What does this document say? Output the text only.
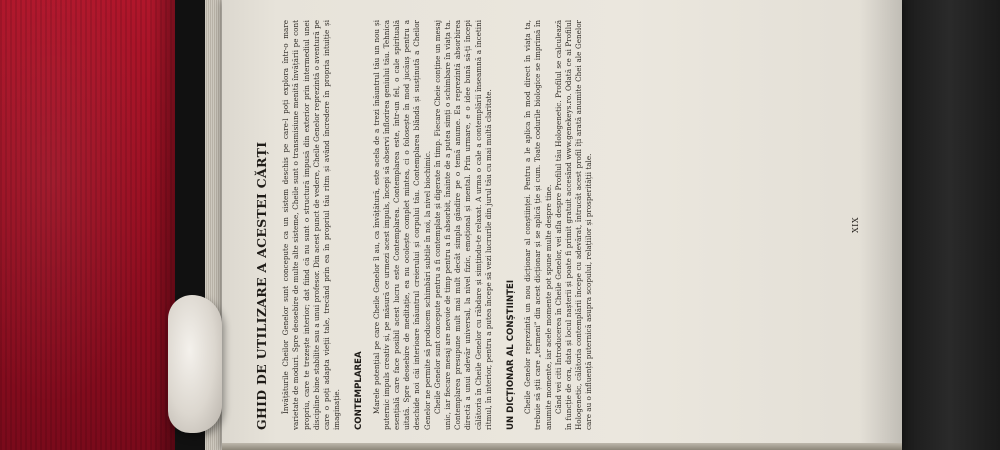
GHID DE UTILIZARE A ACESTEI CĂRȚI Învățăturile Cheilor Genelor sunt concepute ca un sistem deschis pe care-l poți explora într-o mare varietate de moduri. Spre deosebire de multe alte sisteme, Cheile sunt o transmisiune menită învățării pe cont propriu, care te trezește interior; dat fiind că nu sunt o structură impusă din exterior prin intermediul unei discipline bine stabilite sau a unui profesor. Din acest punct de vedere, Cheile Genelor reprezintă o aventură pe care o poți adapta vieții tale, trecând prin ea în propriul tău ritm și având încredere în propria intuiție și imaginație. CONTEMPLAREA Marele potențial pe care Cheile Genelor îl au, ca învățătură, este acela de a trezi înăuntrul tău un nou și puternic impuls creativ și, pe măsură ce urmezi acest impuls, începi să observi înflorirea geniului tău. Tehnica esențială care face posibil acest lucru este Contemplarea. Contemplarea este, într-un fel, o cale spirituală uitată. Spre deosebire de meditație, ea nu ocolește complet mintea, ci o folosește în mod jucăuș pentru a deschide noi căi interioare înăuntrul creierului și corpului tău. Contemplarea blândă și susținută a Cheilor Genelor ne permite să producem schimbări subtile în noi, la nivel biochimic. Cheile Genelor sunt concepute pentru a fi contemplate și digerate în timp. Fiecare Cheie conține un mesaj unic, iar fiecare mesaj are nevoie de timp pentru a fi absorbit, înainte de a putea simți o schimbare în viața ta. Contemplarea presupune mult mai mult decât simpla gândire pe o temă anume. Ea reprezintă absorbirea directă a unui adevăr universal, la nivel fizic, emoțional și mental. Prin urmare, e o idee bună să-ți începi călătoria în Cheile Genelor cu răbdare și simțindu-te relaxat. A urma o cale a contemplării înseamnă a încetini ritmul, în interior, pentru a putea începe să vezi lucrurile din jurul tău cu mai multă claritate. UN DICȚIONAR AL CONȘTIINȚEI Cheile Genelor reprezintă un nou dicționar al conștiinței. Pentru a le aplica în mod direct în viața ta, trebuie să știi care „termeni” din acest dicționar și se aplică ție și cum. Toate codurile biologice se imprimă în anumite momente, iar acele momente pot spune multe despre tine. Când vei citi Introducerea în Cheile Genelor, vei afla despre Profilul tău Hologenetic. Profilul se calculează în funcție de ora, data și locul nașterii și poate fi primit gratuit accesând www.genekeys.ro. Odată ce ai Profilul Hologenetic, călătoria contemplării începe cu adevărat, întrucât acest profil îți arată anumite Chei ale Genelor care au o influență puternică asupra scopului, relațiilor și prosperității tale.	XIX
